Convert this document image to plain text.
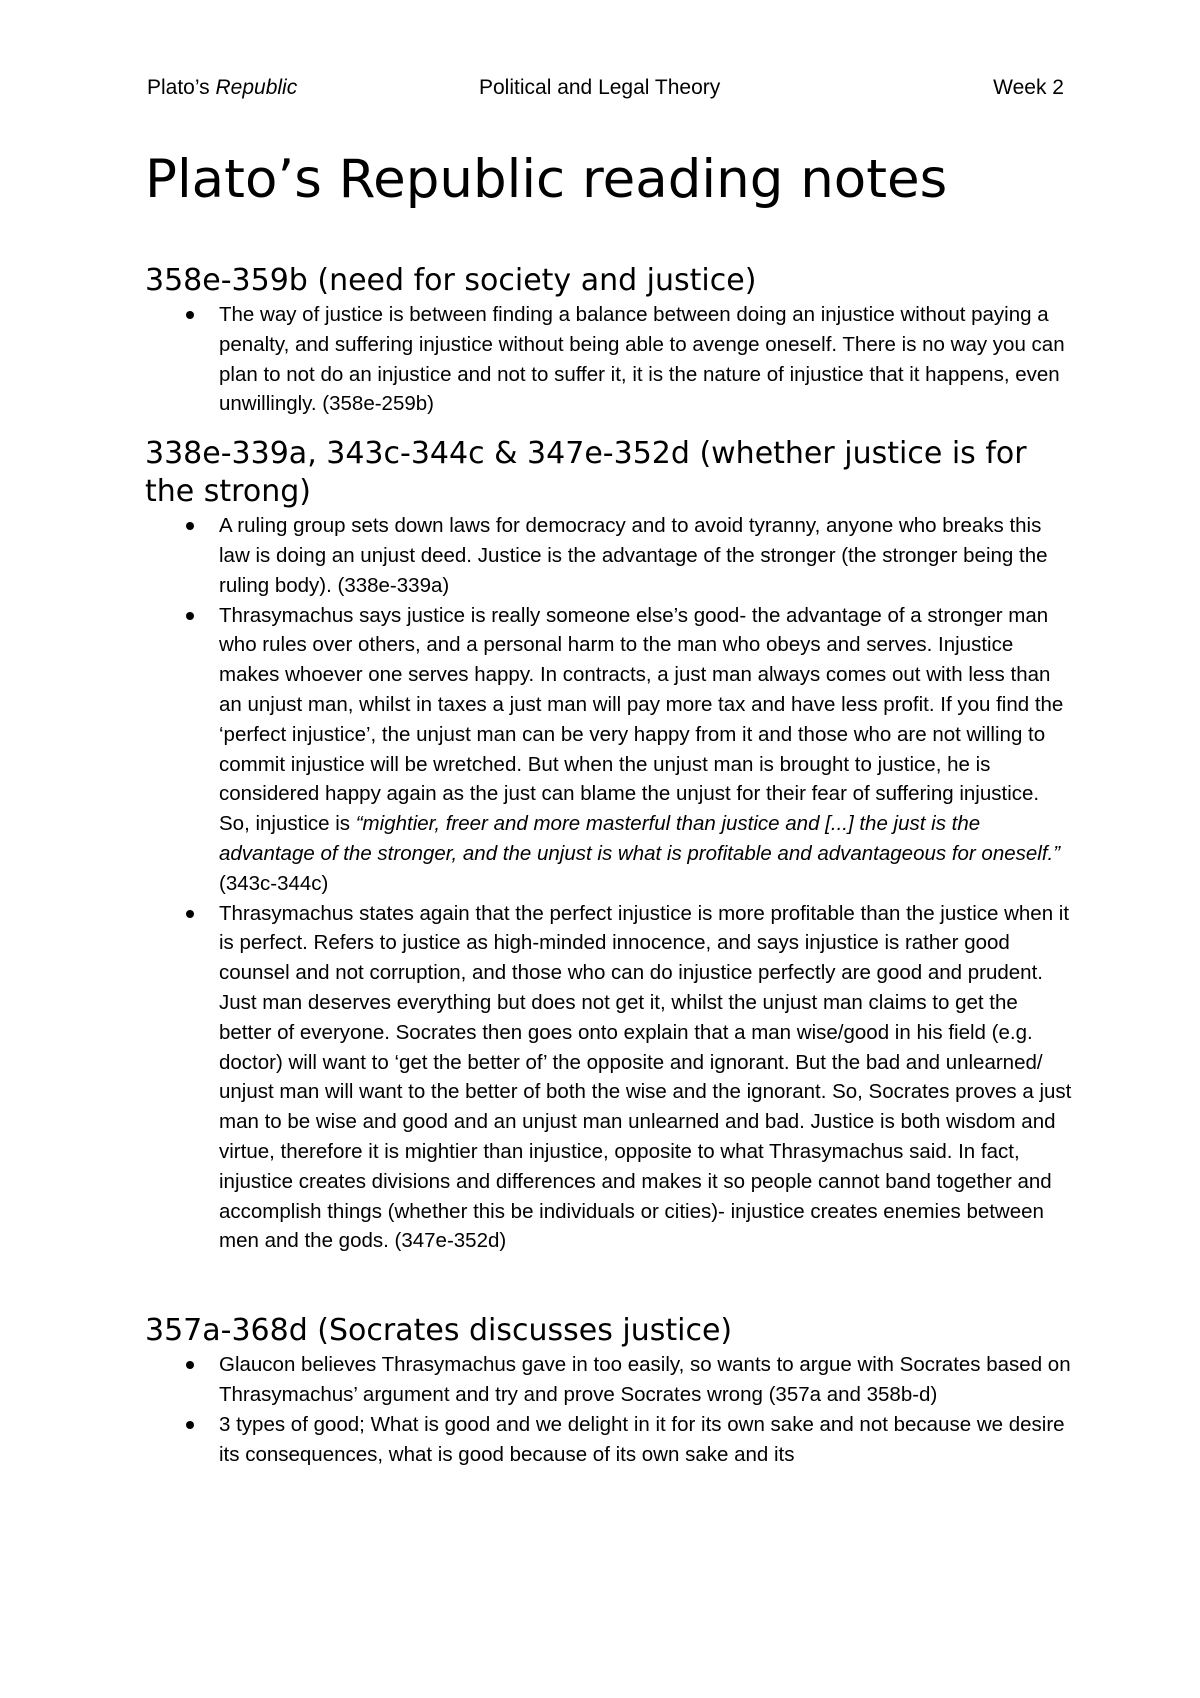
Plato’s Republic	Political and Legal Theory	Week 2
Plato’s Republic reading notes
358e-359b (need for society and justice)
The way of justice is between finding a balance between doing an injustice without paying a penalty, and suffering injustice without being able to avenge oneself. There is no way you can plan to not do an injustice and not to suffer it, it is the nature of injustice that it happens, even unwillingly. (358e-259b)
338e-339a, 343c-344c & 347e-352d (whether justice is for the strong)
A ruling group sets down laws for democracy and to avoid tyranny, anyone who breaks this law is doing an unjust deed. Justice is the advantage of the stronger (the stronger being the ruling body). (338e-339a)
Thrasymachus says justice is really someone else’s good- the advantage of a stronger man who rules over others, and a personal harm to the man who obeys and serves. Injustice makes whoever one serves happy. In contracts, a just man always comes out with less than an unjust man, whilst in taxes a just man will pay more tax and have less profit. If you find the ‘perfect injustice’, the unjust man can be very happy from it and those who are not willing to commit injustice will be wretched. But when the unjust man is brought to justice, he is considered happy again as the just can blame the unjust for their fear of suffering injustice. So, injustice is “mightier, freer and more masterful than justice and [...] the just is the advantage of the stronger, and the unjust is what is profitable and advantageous for oneself.” (343c-344c)
Thrasymachus states again that the perfect injustice is more profitable than the justice when it is perfect. Refers to justice as high-minded innocence, and says injustice is rather good counsel and not corruption, and those who can do injustice perfectly are good and prudent. Just man deserves everything but does not get it, whilst the unjust man claims to get the better of everyone. Socrates then goes onto explain that a man wise/good in his field (e.g. doctor) will want to ‘get the better of’ the opposite and ignorant. But the bad and unlearned/ unjust man will want to the better of both the wise and the ignorant. So, Socrates proves a just man to be wise and good and an unjust man unlearned and bad. Justice is both wisdom and virtue, therefore it is mightier than injustice, opposite to what Thrasymachus said. In fact, injustice creates divisions and differences and makes it so people cannot band together and accomplish things (whether this be individuals or cities)- injustice creates enemies between men and the gods. (347e-352d)
357a-368d (Socrates discusses justice)
Glaucon believes Thrasymachus gave in too easily, so wants to argue with Socrates based on Thrasymachus’ argument and try and prove Socrates wrong (357a and 358b-d)
3 types of good; What is good and we delight in it for its own sake and not because we desire its consequences, what is good because of its own sake and its
